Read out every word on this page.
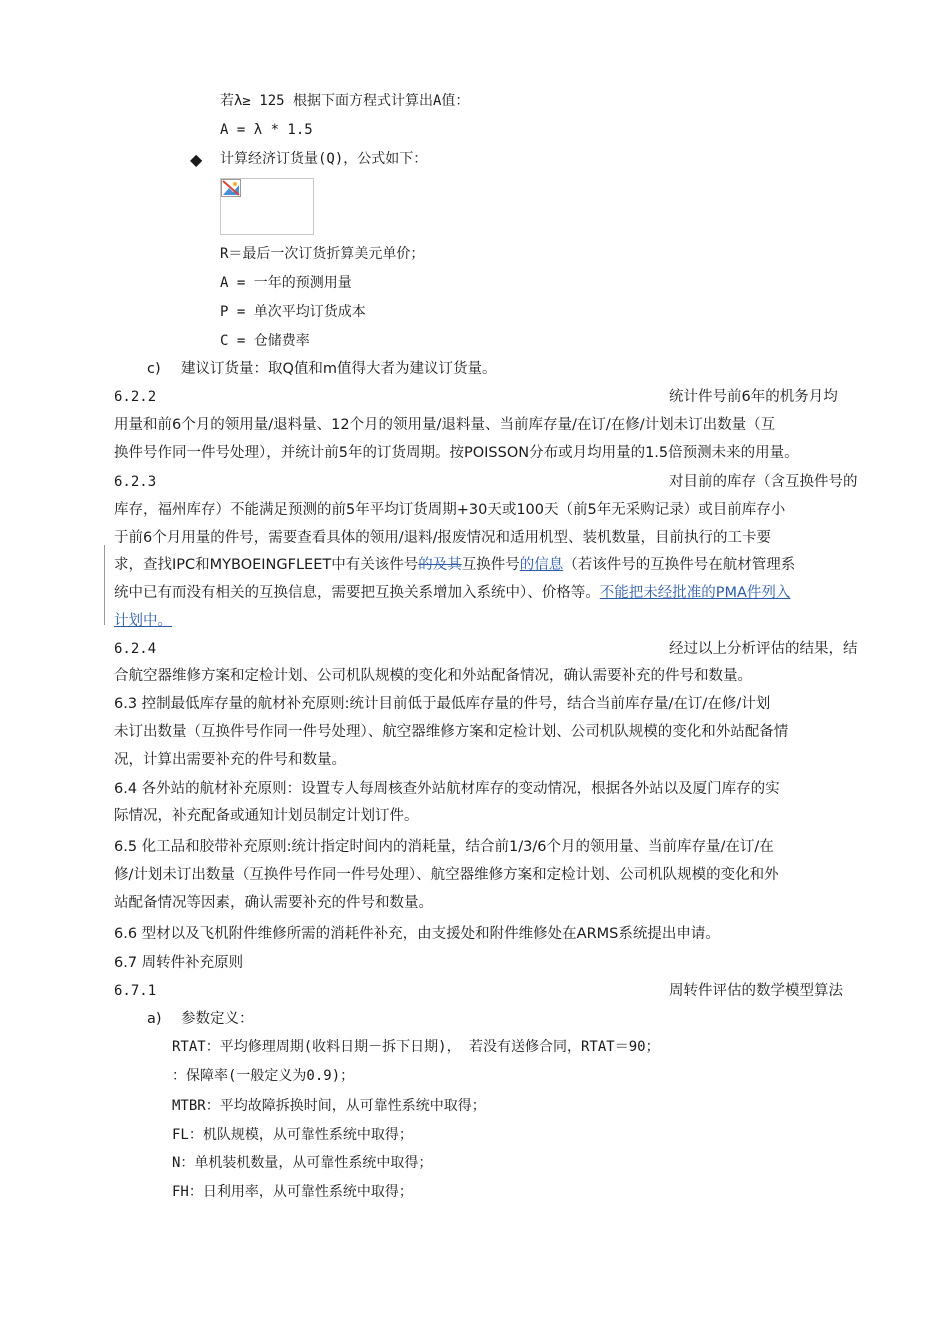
若λ≥ 125 根据下面方程式计算出A值：
A = λ * 1.5
◆ 计算经济订货量(Q)，公式如下：
R＝最后一次订货折算美元单价；
A = 一年的预测用量
P = 单次平均订货成本
C = 仓储费率
c) 建议订货量：取Q值和m值得大者为建议订货量。
6.2.2	统计件号前6年的机务月均
用量和前6个月的领用量/退料量、12个月的领用量/退料量、当前库存量/在订/在修/计划未订出数量（互
换件号作同一件号处理），并统计前5年的订货周期。按POISSON分布或月均用量的1.5倍预测未来的用量。
6.2.3	对目前的库存（含互换件号的
库存，福州库存）不能满足预测的前5年平均订货周期+30天或100天（前5年无采购记录）或目前库存小
于前6个月用量的件号，需要查看具体的领用/退料/报废情况和适用机型、装机数量，目前执行的工卡要
求，查找IPC和MYBOEINGFLEET中有关该件号的及其互换件号的信息（若该件号的互换件号在航材管理系
统中已有而没有相关的互换信息，需要把互换关系增加入系统中）、价格等。不能把未经批准的PMA件列入
计划中。
6.2.4	经过以上分析评估的结果，结
合航空器维修方案和定检计划、公司机队规模的变化和外站配备情况，确认需要补充的件号和数量。
6.3 控制最低库存量的航材补充原则:统计目前低于最低库存量的件号，结合当前库存量/在订/在修/计划
未订出数量（互换件号作同一件号处理）、航空器维修方案和定检计划、公司机队规模的变化和外站配备情
况，计算出需要补充的件号和数量。
6.4 各外站的航材补充原则：设置专人每周核查外站航材库存的变动情况，根据各外站以及厦门库存的实
际情况，补充配备或通知计划员制定计划订件。
6.5 化工品和胶带补充原则:统计指定时间内的消耗量，结合前1/3/6个月的领用量、当前库存量/在订/在
修/计划未订出数量（互换件号作同一件号处理）、航空器维修方案和定检计划、公司机队规模的变化和外
站配备情况等因素，确认需要补充的件号和数量。
6.6 型材以及飞机附件维修所需的消耗件补充，由支援处和附件维修处在ARMS系统提出申请。
6.7 周转件补充原则
6.7.1	周转件评估的数学模型算法
a) 参数定义：
RTAT：平均修理周期(收料日期－拆下日期)， 若没有送修合同，RTAT＝90；
：保障率(一般定义为0.9)；
MTBR：平均故障拆换时间，从可靠性系统中取得；
FL：机队规模，从可靠性系统中取得；
N：单机装机数量，从可靠性系统中取得；
FH：日利用率，从可靠性系统中取得；
